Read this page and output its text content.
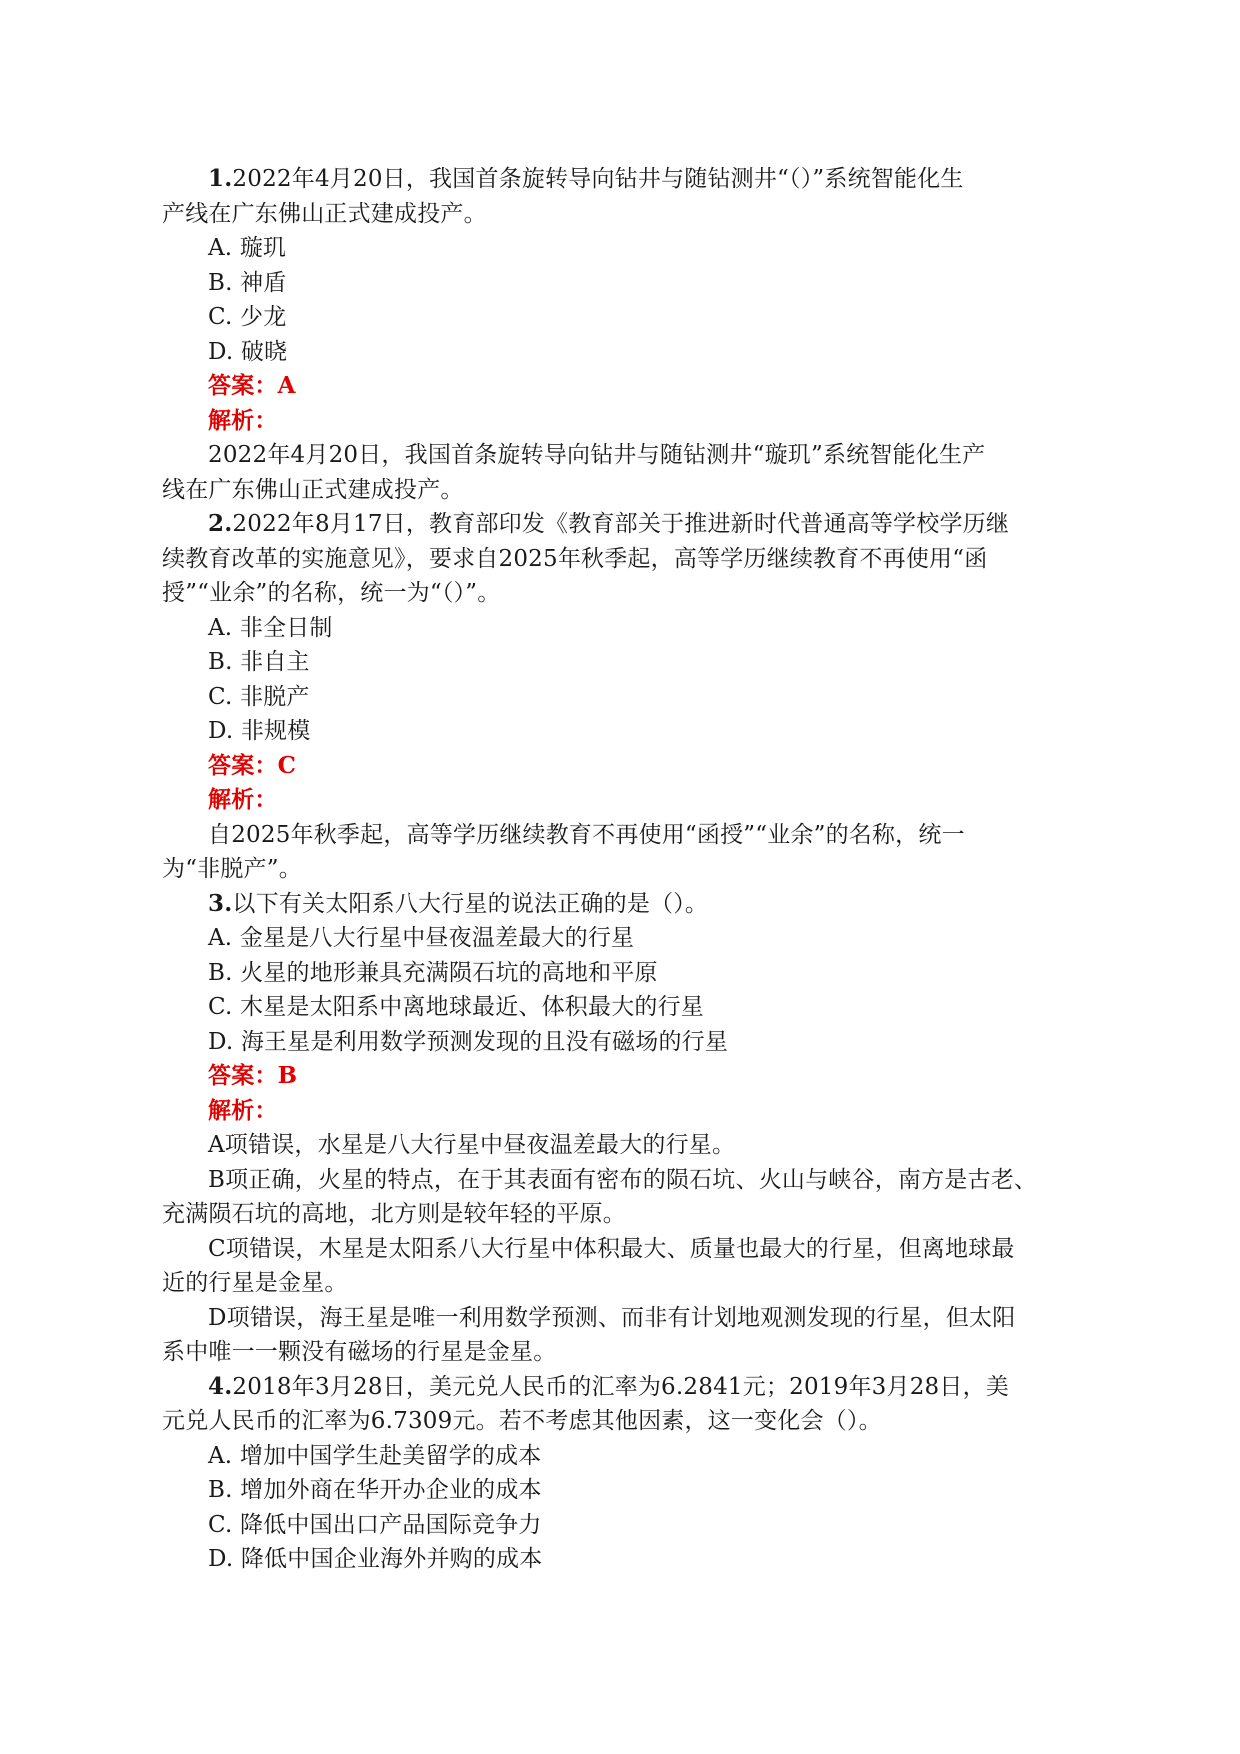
1.2022年4月20日，我国首条旋转导向钻井与随钻测井“（）”系统智能化生

产线在广东佛山正式建成投产。

A. 璇玑

B. 神盾

C. 少龙

D. 破晓

答案：A

解析：

2022年4月20日，我国首条旋转导向钻井与随钻测井“璇玑”系统智能化生产

线在广东佛山正式建成投产。

2.2022年8月17日，教育部印发《教育部关于推进新时代普通高等学校学历继

续教育改革的实施意见》，要求自2025年秋季起，高等学历继续教育不再使用“函

授”“业余”的名称，统一为“（）”。

A. 非全日制

B. 非自主

C. 非脱产

D. 非规模

答案：C

解析：

自2025年秋季起，高等学历继续教育不再使用“函授”“业余”的名称，统一

为“非脱产”。

3.以下有关太阳系八大行星的说法正确的是（）。

A. 金星是八大行星中昼夜温差最大的行星

B. 火星的地形兼具充满陨石坑的高地和平原

C. 木星是太阳系中离地球最近、体积最大的行星

D. 海王星是利用数学预测发现的且没有磁场的行星

答案：B

解析：

A项错误，水星是八大行星中昼夜温差最大的行星。

B项正确，火星的特点，在于其表面有密布的陨石坑、火山与峡谷，南方是古老、

充满陨石坑的高地，北方则是较年轻的平原。

C项错误，木星是太阳系八大行星中体积最大、质量也最大的行星，但离地球最

近的行星是金星。

D项错误，海王星是唯一利用数学预测、而非有计划地观测发现的行星，但太阳

系中唯一一颗没有磁场的行星是金星。

4.2018年3月28日，美元兑人民币的汇率为6.2841元；2019年3月28日，美

元兑人民币的汇率为6.7309元。若不考虑其他因素，这一变化会（）。

A. 增加中国学生赴美留学的成本

B. 增加外商在华开办企业的成本

C. 降低中国出口产品国际竞争力

D. 降低中国企业海外并购的成本
